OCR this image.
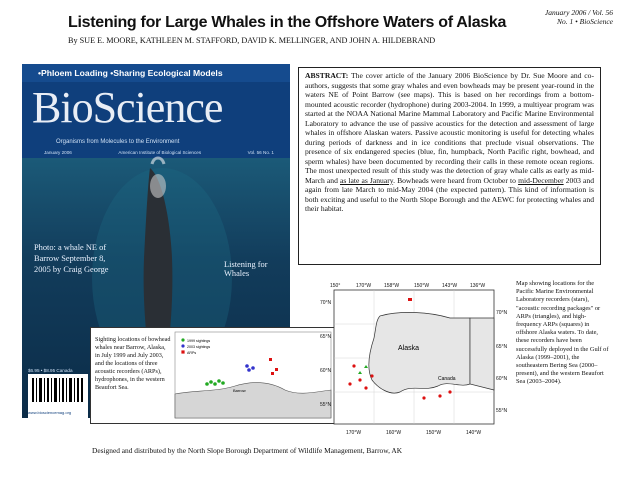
Listening for Large Whales in the Offshore Waters of Alaska
By SUE E. MOORE, KATHLEEN M. STAFFORD, DAVID K. MELLINGER, AND JOHN A. HILDEBRAND
January 2006 / Vol. 56
No. 1 • BioScience
•Phloem Loading •Sharing Ecological Models
BioScience
Organisms from Molecules to the Environment
January 2006	American Institute of Biological Sciences	Vol. 56 No. 1
Photo: a whale NE of Barrow September 8, 2005 by Craig George
Listening for Whales
$6.95 • $8.95 Canada
www.biosciencemag.org
ABSTRACT: The cover article of the January 2006 BioScience by Dr. Sue Moore and co-authors, suggests that some gray whales and even bowheads may be present year-round in the waters NE of Point Barrow (see maps). This is based on her recordings from a bottom-mounted acoustic recorder (hydrophone) during 2003-2004. In 1999, a multiyear program was started at the NOAA National Marine Mammal Laboratory and Pacific Marine Environmental Laboratory to advance the use of passive acoustics for the detection and assessment of large whales in offshore Alaskan waters. Passive acoustic monitoring is useful for detecting whales during periods of darkness and in ice conditions that preclude visual observations. The presence of six endangered species (blue, fin, humpback, North Pacific right, bowhead, and sperm whales) have been documented by recording their calls in these remote ocean regions. The most unexpected result of this study was the detection of gray whale calls as early as mid-March and as late as January. Bowheads were heard from October to mid-December 2003 and again from late March to mid-May 2004 (the expected pattern). This kind of information is both exciting and useful to the North Slope Borough and the AEWC for protecting whales and their habitat.
Sighting locations of bowhead whales near Barrow, Alaska, in July 1999 and July 2003, and the locations of three acoustic recorders (ARPs), hydrophones, in the western Beaufort Sea.
1999 sightings
2003 sightings
ARPs
Barrow
150°	170°W	158°W	150°W	143°W	136°W
70°N
65°N
60°N
55°N
70°N
65°N
60°N
55°N
170°W	160°W	150°W	140°W
Alaska
Canada
Map showing locations for the Pacific Marine Environmental Laboratory recorders (stars), "acoustic recording packages" or ARPs (triangles), and high-frequency ARPs (squares) in offshore Alaska waters. To date, these recorders have been successfully deployed in the Gulf of Alaska (1999–2001), the southeastern Bering Sea (2000–present), and the western Beaufort Sea (2003–2004).
Designed and distributed by the North Slope Borough Department of Wildlife Management, Barrow, AK
